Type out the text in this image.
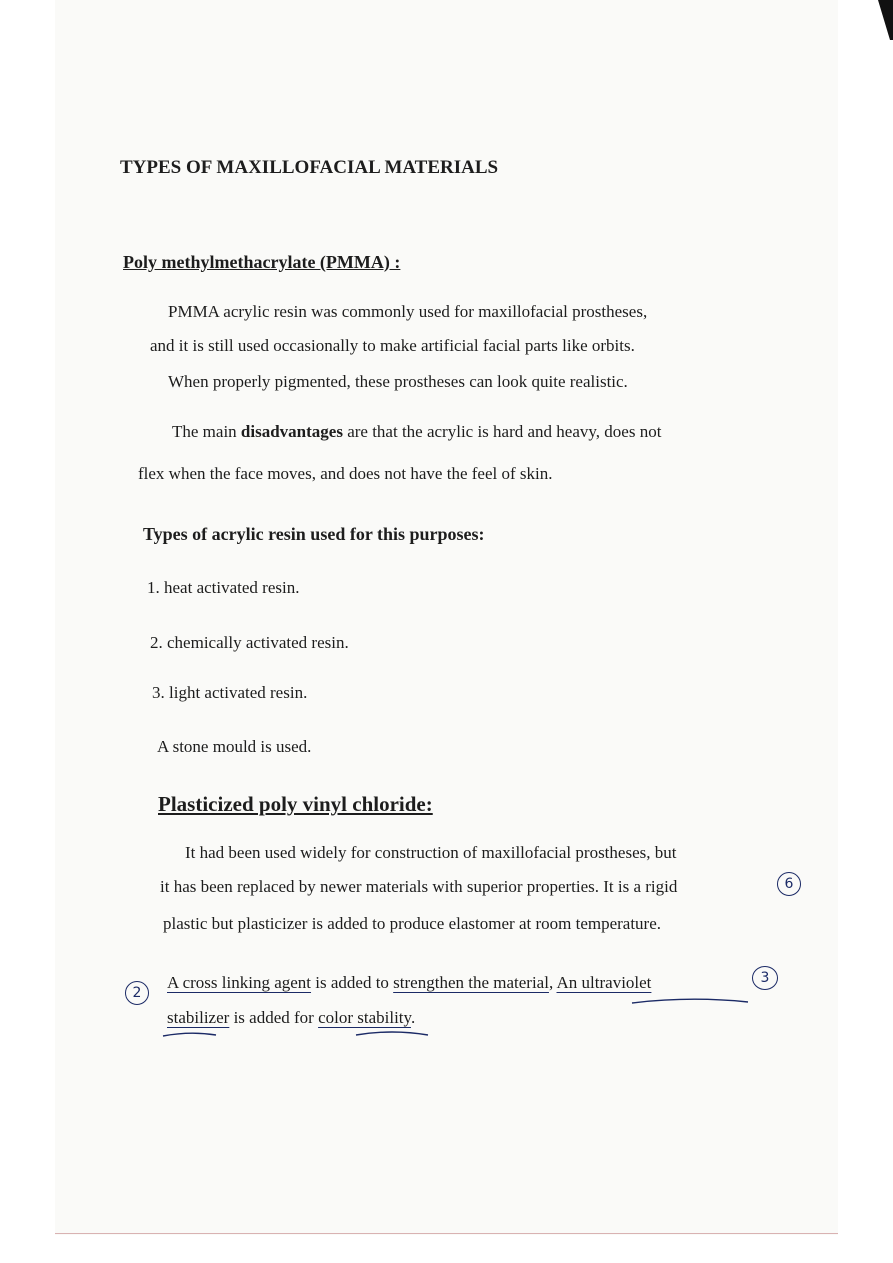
TYPES OF MAXILLOFACIAL MATERIALS
Poly methylmethacrylate (PMMA) :
PMMA acrylic resin was commonly used for maxillofacial prostheses,
and it is still used occasionally to make artificial facial parts like orbits.
When properly pigmented, these prostheses can look quite realistic.
The main disadvantages are that the acrylic is hard and heavy, does not
flex when the face moves, and does not have the feel of skin.
Types of acrylic resin used for this purposes:
1. heat activated resin.
2. chemically activated resin.
3. light activated resin.
A stone mould is used.
Plasticized poly vinyl chloride:
It had been used widely for construction of maxillofacial prostheses, but
it has been replaced by newer materials with superior properties. It is a rigid
plastic but plasticizer is added to produce elastomer at room temperature.
A cross linking agent is added to strengthen the material, An ultraviolet
stabilizer is added for color stability.
6
2
3
